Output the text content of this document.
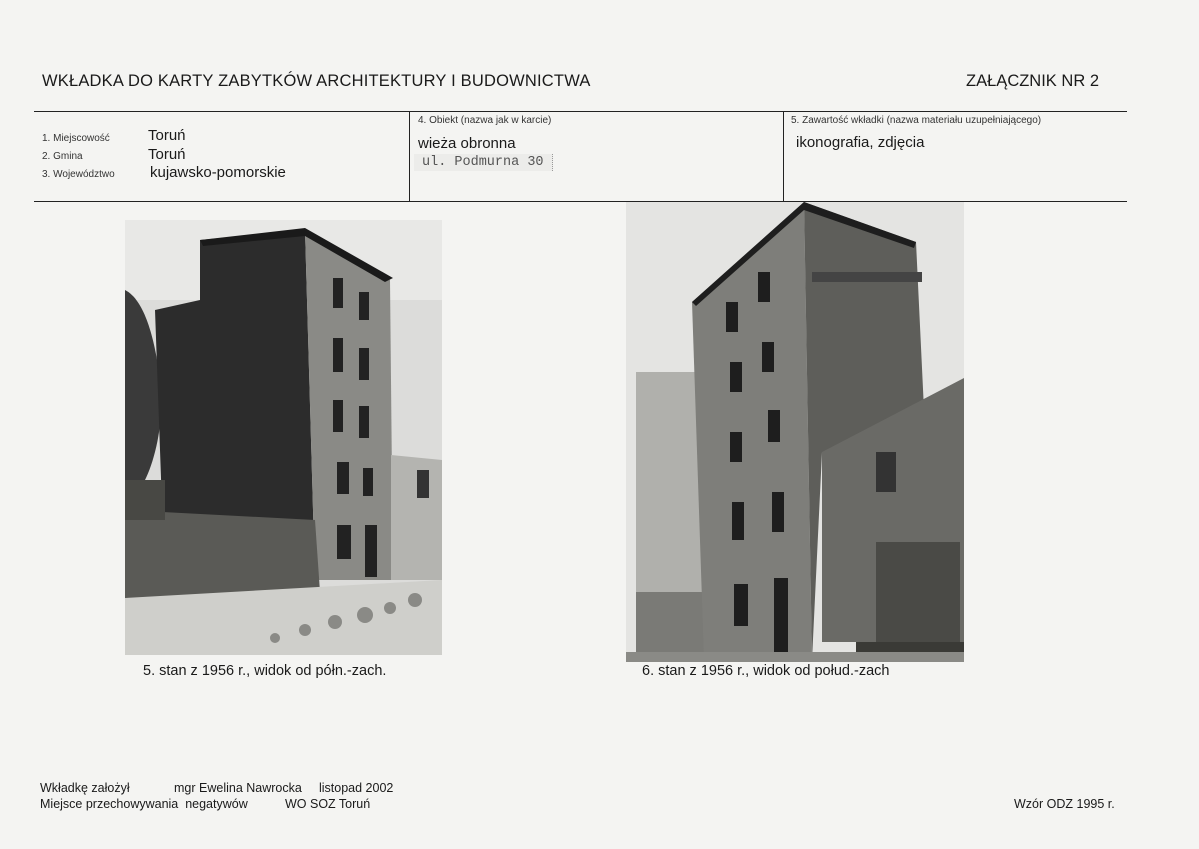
WKŁADKA DO KARTY ZABYTKÓW ARCHITEKTURY I BUDOWNICTWA	ZAŁĄCZNIK NR 2
1. Miejscowość	Toruń
2. Gmina	Toruń
3. Województwo kujawsko-pomorskie
4. Obiekt (nazwa jak w karcie)
wieża obronna
ul. Podmurna 30
5. Zawartość wkładki (nazwa materiału uzupełniającego)
ikonografia, zdjęcia
5. stan z 1956 r., widok od półn.-zach.	6. stan z 1956 r., widok od połud.-zach
Wkładkę założył	mgr Ewelina Nawrocka listopad 2002
Miejsce przechowywania  negatywów	WO SOZ Toruń	Wzór ODZ 1995 r.
